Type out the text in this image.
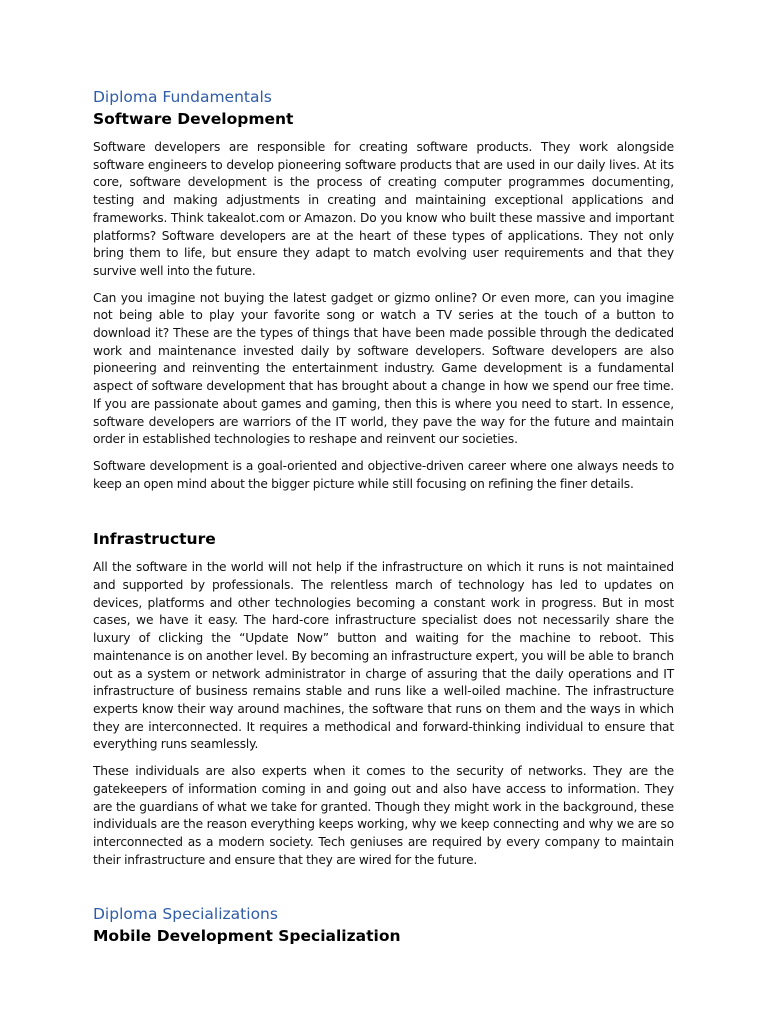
Diploma Fundamentals
Software Development

Software developers are responsible for creating software products. They work alongside software engineers to develop pioneering software products that are used in our daily lives. At its core, software development is the process of creating computer programmes documenting, testing and making adjustments in creating and maintaining exceptional applications and frameworks. Think takealot.com or Amazon. Do you know who built these massive and important platforms? Software developers are at the heart of these types of applications. They not only bring them to life, but ensure they adapt to match evolving user requirements and that they survive well into the future.

Can you imagine not buying the latest gadget or gizmo online? Or even more, can you imagine not being able to play your favorite song or watch a TV series at the touch of a button to download it? These are the types of things that have been made possible through the dedicated work and maintenance invested daily by software developers. Software developers are also pioneering and reinventing the entertainment industry. Game development is a fundamental aspect of software development that has brought about a change in how we spend our free time. If you are passionate about games and gaming, then this is where you need to start. In essence, software developers are warriors of the IT world, they pave the way for the future and maintain order in established technologies to reshape and reinvent our societies.

Software development is a goal-oriented and objective-driven career where one always needs to keep an open mind about the bigger picture while still focusing on refining the finer details.

Infrastructure

All the software in the world will not help if the infrastructure on which it runs is not maintained and supported by professionals. The relentless march of technology has led to updates on devices, platforms and other technologies becoming a constant work in progress. But in most cases, we have it easy. The hard-core infrastructure specialist does not necessarily share the luxury of clicking the “Update Now” button and waiting for the machine to reboot. This maintenance is on another level. By becoming an infrastructure expert, you will be able to branch out as a system or network administrator in charge of assuring that the daily operations and IT infrastructure of business remains stable and runs like a well-oiled machine. The infrastructure experts know their way around machines, the software that runs on them and the ways in which they are interconnected. It requires a methodical and forward-thinking individual to ensure that everything runs seamlessly.

These individuals are also experts when it comes to the security of networks. They are the gatekeepers of information coming in and going out and also have access to information. They are the guardians of what we take for granted. Though they might work in the background, these individuals are the reason everything keeps working, why we keep connecting and why we are so interconnected as a modern society. Tech geniuses are required by every company to maintain their infrastructure and ensure that they are wired for the future.

Diploma Specializations
Mobile Development Specialization
